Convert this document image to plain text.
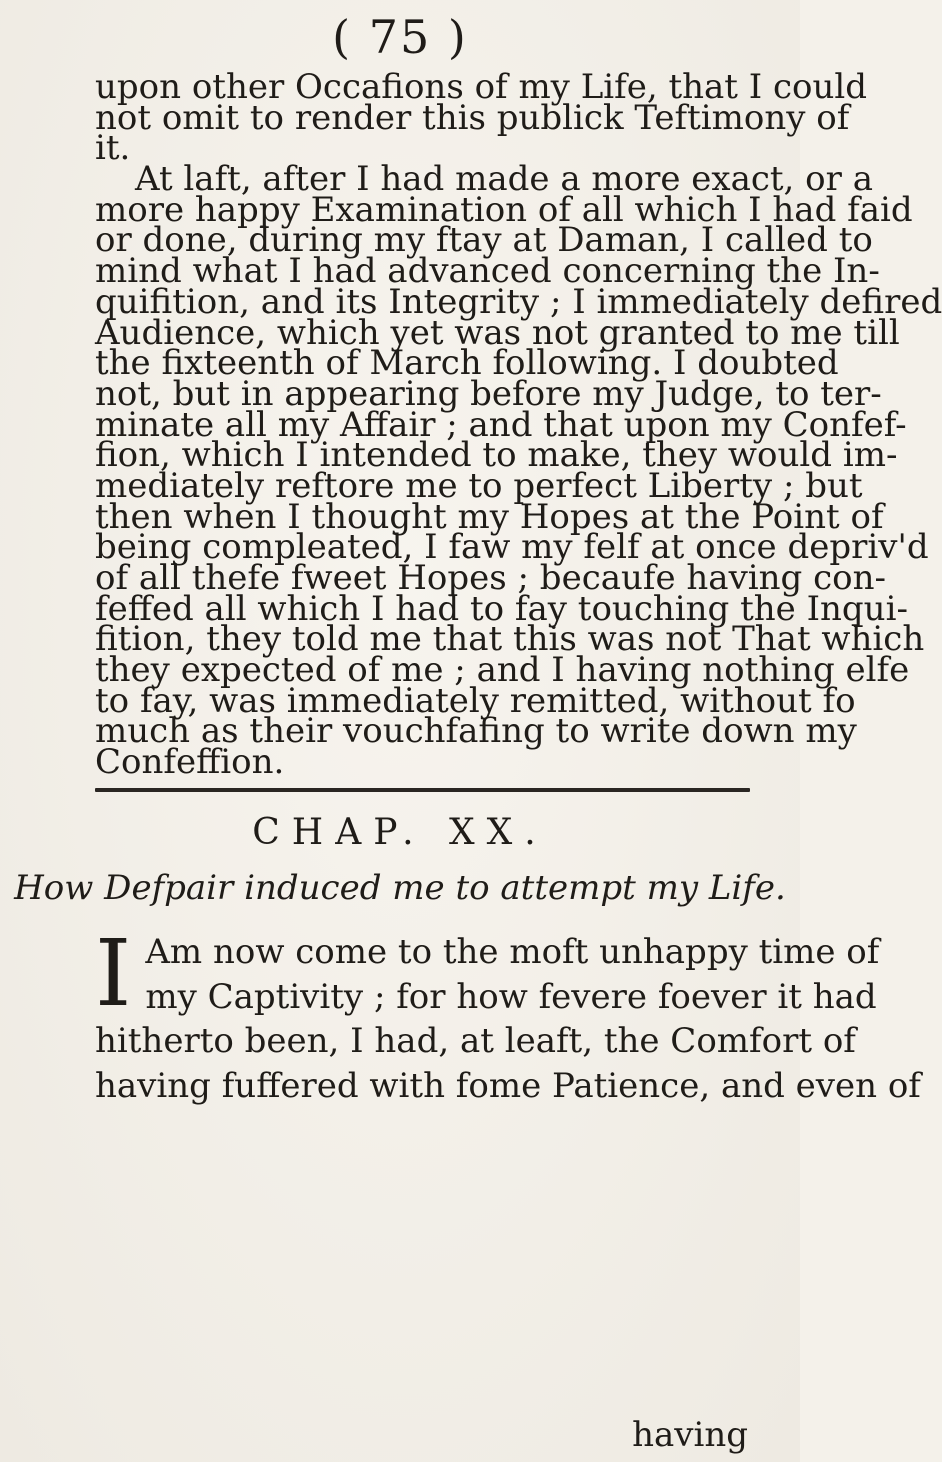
( 75 )
upon other Occafions of my Life, that I could
not omit to render this publick Teftimony of
it.
At laft, after I had made a more exact, or a
more happy Examination of all which I had faid
or done, during my ftay at Daman, I called to
mind what I had advanced concerning the In-
quifition, and its Integrity ; I immediately defired
Audience, which yet was not granted to me till
the fixteenth of March following. I doubted
not, but in appearing before my Judge, to ter-
minate all my Affair ; and that upon my Confef-
fion, which I intended to make, they would im-
mediately reftore me to perfect Liberty ; but
then when I thought my Hopes at the Point of
being compleated, I faw my felf at once depriv'd
of all thefe fweet Hopes ; becaufe having con-
feffed all which I had to fay touching the Inqui-
fition, they told me that this was not That which
they expected of me ; and I having nothing elfe
to fay, was immediately remitted, without fo
much as their vouchfafing to write down my
Confeffion.
CHAP. XX.
How Defpair induced me to attempt my Life.
I Am now come to the moft unhappy time of
my Captivity ; for how fevere foever it had
hitherto been, I had, at leaft, the Comfort of
having fuffered with fome Patience, and even of
having
